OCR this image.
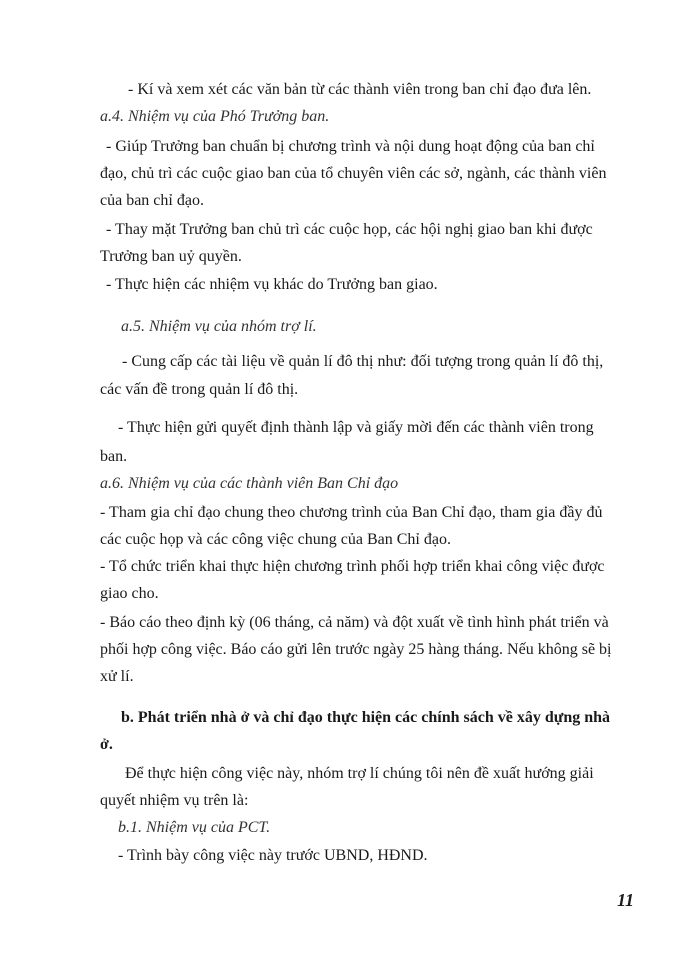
- Kí và xem xét các văn bản từ các thành viên trong ban chỉ đạo đưa lên.
a.4. Nhiệm vụ của Phó Trưởng ban.
- Giúp Trưởng ban chuẩn bị chương trình và nội dung hoạt động của ban chỉ
đạo, chủ trì các cuộc giao ban của tổ chuyên viên các sở, ngành, các thành viên
của ban chỉ đạo.
- Thay mặt Trưởng ban chủ trì các cuộc họp, các hội nghị giao ban khi được
Trưởng ban uỷ quyền.
- Thực hiện các nhiệm vụ khác do Trưởng ban giao.
a.5. Nhiệm vụ của nhóm trợ lí.
- Cung cấp các tài liệu về quản lí đô thị như: đối tượng trong quản lí đô thị,
các vấn đề trong quản lí đô thị.
- Thực hiện gửi quyết định thành lập và giấy mời đến các thành viên trong
ban.
a.6. Nhiệm vụ của các thành viên Ban Chỉ đạo
- Tham gia chỉ đạo chung theo chương trình của Ban Chỉ đạo, tham gia đầy đủ
các cuộc họp và các công việc chung của Ban Chỉ đạo.
- Tổ chức triển khai thực hiện chương trình phối hợp triển khai công việc được
giao cho.
- Báo cáo theo định kỳ (06 tháng, cả năm) và đột xuất về tình hình phát triển và
phối hợp công việc. Báo cáo gửi lên trước ngày 25 hàng tháng. Nếu không sẽ bị
xử lí.
b. Phát triển nhà ở và chỉ đạo thực hiện các chính sách về xây dựng nhà
ở.
Để thực hiện công việc này, nhóm trợ lí chúng tôi nên đề xuất hướng giải
quyết nhiệm vụ trên là:
b.1. Nhiệm vụ của PCT.
- Trình bày công việc này trước UBND, HĐND.
11
